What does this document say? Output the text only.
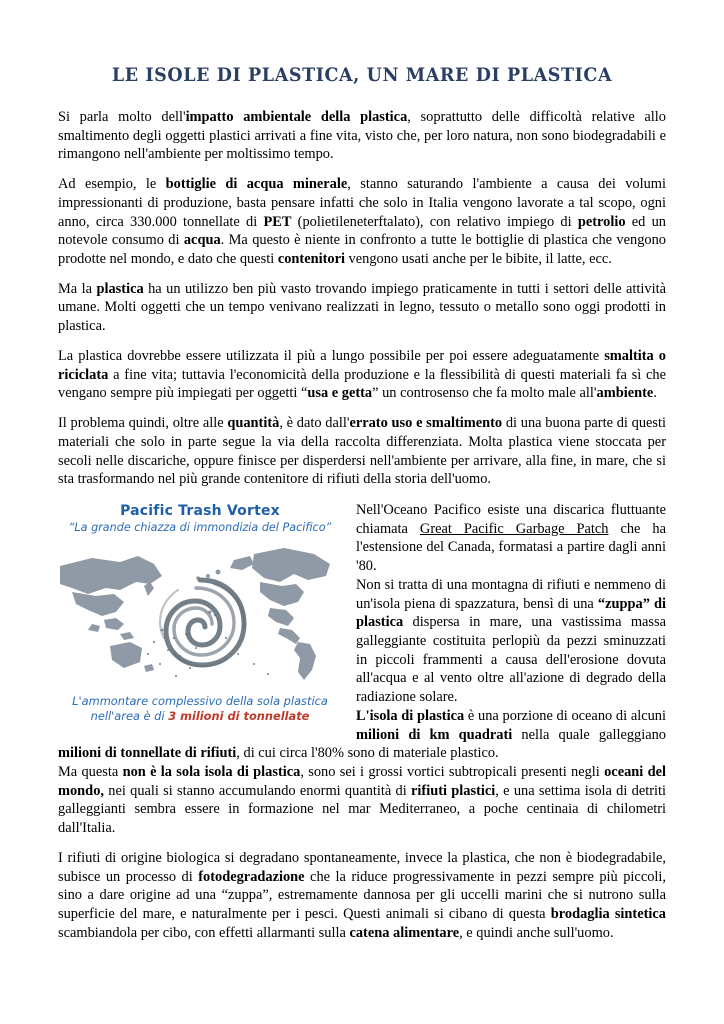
LE ISOLE DI PLASTICA, UN MARE DI PLASTICA

Si parla molto dell'impatto ambientale della plastica, soprattutto delle difficoltà relative allo smaltimento degli oggetti plastici arrivati a fine vita, visto che, per loro natura, non sono biodegradabili e rimangono nell'ambiente per moltissimo tempo.

Ad esempio, le bottiglie di acqua minerale, stanno saturando l'ambiente a causa dei volumi impressionanti di produzione, basta pensare infatti che solo in Italia vengono lavorate a tal scopo, ogni anno, circa 330.000 tonnellate di PET (polietileneterftalato), con relativo impiego di petrolio ed un notevole consumo di acqua. Ma questo è niente in confronto a tutte le bottiglie di plastica che vengono prodotte nel mondo, e dato che questi contenitori vengono usati anche per le bibite, il latte, ecc.

Ma la plastica ha un utilizzo ben più vasto trovando impiego praticamente in tutti i settori delle attività umane. Molti oggetti che un tempo venivano realizzati in legno, tessuto o metallo sono oggi prodotti in plastica.

La plastica dovrebbe essere utilizzata il più a lungo possibile per poi essere adeguatamente smaltita o riciclata a fine vita; tuttavia l'economicità della produzione e la flessibilità di questi materiali fa sì che vengano sempre più impiegati per oggetti “usa e getta” un controsenso che fa molto male all'ambiente.

Il problema quindi, oltre alle quantità, è dato dall'errato uso e smaltimento di una buona parte di questi materiali che solo in parte segue la via della raccolta differenziata. Molta plastica viene stoccata per secoli nelle discariche, oppure finisce per disperdersi nell'ambiente per arrivare, alla fine, in mare, che si sta trasformando nel più grande contenitore di rifiuti della storia dell'uomo.

Pacific Trash Vortex
“La grande chiazza di immondizia del Pacifico”
L'ammontare complessivo della sola plastica
nell'area è di 3 milioni di tonnellate

Nell'Oceano Pacifico esiste una discarica fluttuante chiamata Great Pacific Garbage Patch che ha l'estensione del Canada, formatasi a partire dagli anni '80.

Non si tratta di una montagna di rifiuti e nemmeno di un'isola piena di spazzatura, bensì di una “zuppa” di plastica dispersa in mare, una vastissima massa galleggiante costituita perlopiù da pezzi sminuzzati in piccoli frammenti a causa dell'erosione dovuta all'acqua e al vento oltre all'azione di degrado della radiazione solare.

L'isola di plastica è una porzione di oceano di alcuni milioni di km quadrati nella quale galleggiano milioni di tonnellate di rifiuti, di cui circa l'80% sono di materiale plastico.

Ma questa non è la sola isola di plastica, sono sei i grossi vortici subtropicali presenti negli oceani del mondo, nei quali si stanno accumulando enormi quantità di rifiuti plastici, e una settima isola di detriti galleggianti sembra essere in formazione nel mar Mediterraneo, a poche centinaia di chilometri dall'Italia.

I rifiuti di origine biologica si degradano spontaneamente, invece la plastica, che non è biodegradabile, subisce un processo di fotodegradazione che la riduce progressivamente in pezzi sempre più piccoli, sino a dare origine ad una “zuppa”, estremamente dannosa per gli uccelli marini che si nutrono sulla superficie del mare, e naturalmente per i pesci. Questi animali si cibano di questa brodaglia sintetica scambiandola per cibo, con effetti allarmanti sulla catena alimentare, e quindi anche sull'uomo.
